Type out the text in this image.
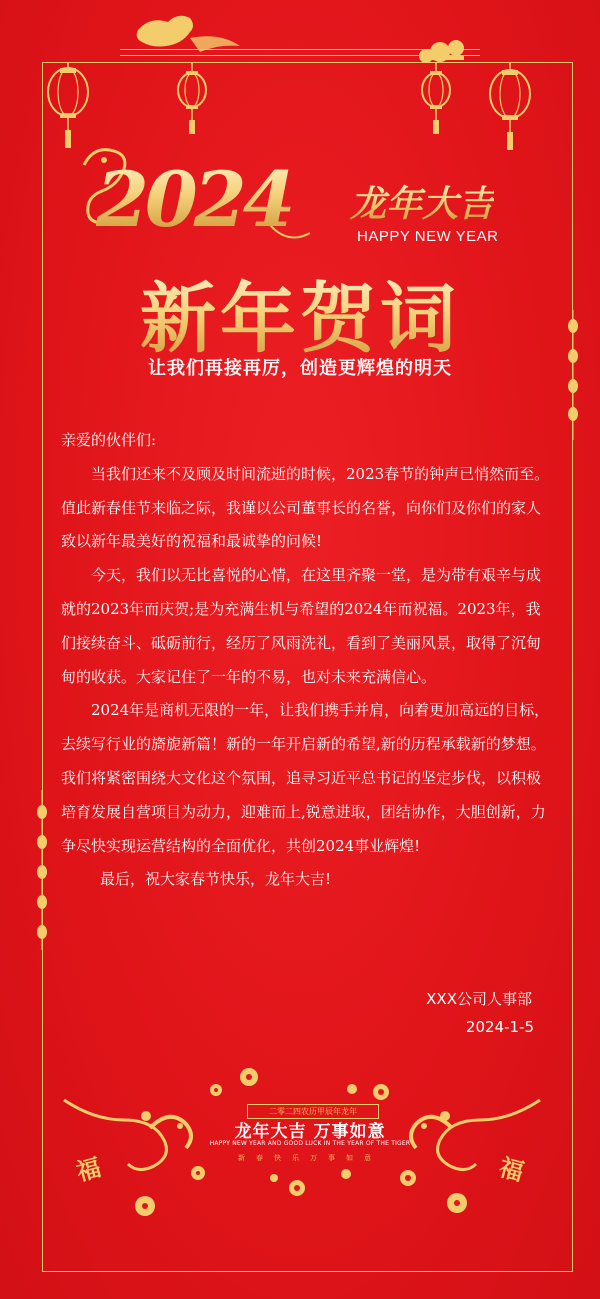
2024 龙年大吉
HAPPY NEW YEAR
新年贺词
让我们再接再厉，创造更辉煌的明天

亲爱的伙伴们:

当我们还来不及顾及时间流逝的时候，2023春节的钟声已悄然而至。值此新春佳节来临之际，我谨以公司董事长的名誉，向你们及你们的家人致以新年最美好的祝福和最诚挚的问候!

今天，我们以无比喜悦的心情，在这里齐聚一堂，是为带有艰辛与成就的2023年而庆贺;是为充满生机与希望的2024年而祝福。2023年，我们接续奋斗、砥砺前行，经历了风雨洗礼，看到了美丽风景，取得了沉甸甸的收获。大家记住了一年的不易，也对未来充满信心。

2024年是商机无限的一年，让我们携手并肩，向着更加高远的目标，去续写行业的旖旎新篇！新的一年开启新的希望,新的历程承载新的梦想。我们将紧密围绕大文化这个氛围，追寻习近平总书记的坚定步伐，以积极培育发展自营项目为动力，迎难而上,锐意进取，团结协作，大胆创新，力争尽快实现运营结构的全面优化，共创2024事业辉煌!

最后，祝大家春节快乐，龙年大吉!

XXX公司人事部
2024-1-5
二零二四农历甲辰年龙年
龙年大吉 万事如意
HAPPY NEW YEAR AND GOOD LUCK IN THE YEAR OF THE TIGER
新春快乐万事如意
福	福
